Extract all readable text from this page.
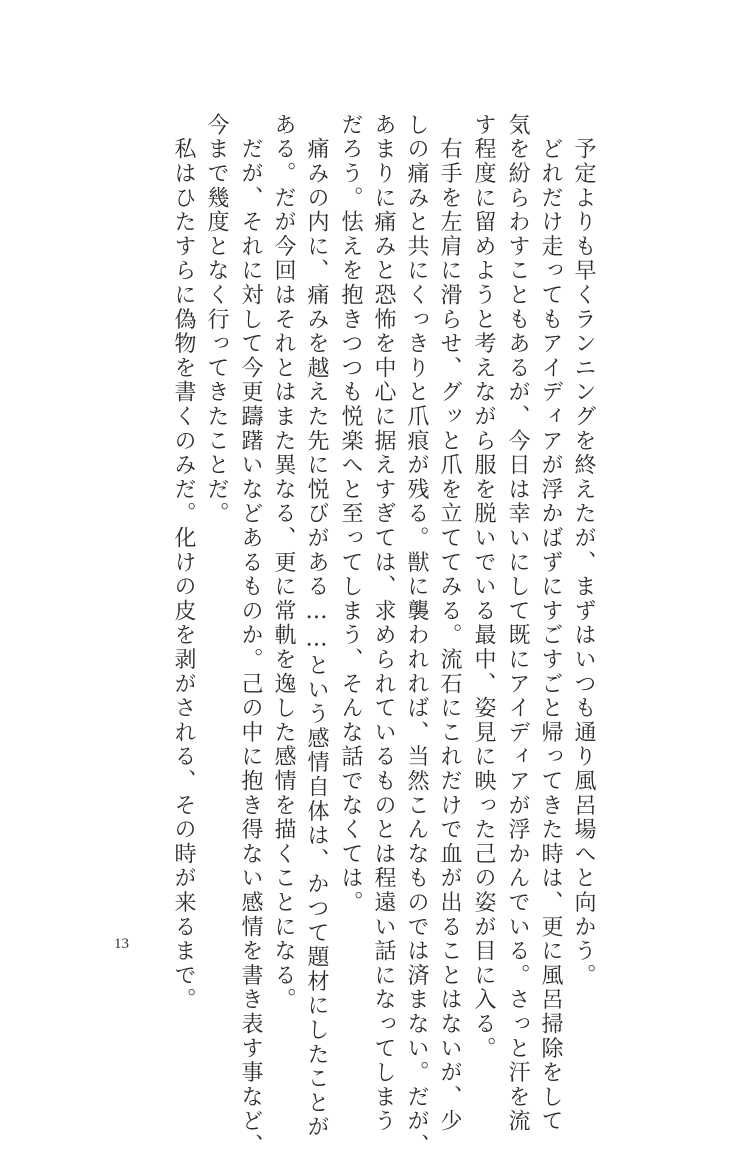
　予定よりも早くランニングを終えたが、まずはいつも通り風呂場へと向かう。
　どれだけ走ってもアイディアが浮かばずにすごすごと帰ってきた時は、更に風呂掃除をして
気を紛らわすこともあるが、今日は幸いにして既にアイディアが浮かんでいる。さっと汗を流
す程度に留めようと考えながら服を脱いでいる最中、姿見に映った己の姿が目に入る。
　右手を左肩に滑らせ、グッと爪を立ててみる。流石にこれだけで血が出ることはないが、少
しの痛みと共にくっきりと爪痕が残る。獣に襲われれば、当然こんなものでは済まない。だが、
あまりに痛みと恐怖を中心に据えすぎては、求められているものとは程遠い話になってしまう
だろう。怯えを抱きつつも悦楽へと至ってしまう、そんな話でなくては。
　痛みの内に、痛みを越えた先に悦びがある……という感情自体は、かつて題材にしたことが
ある。だが今回はそれとはまた異なる、更に常軌を逸した感情を描くことになる。
　だが、それに対して今更躊躇いなどあるものか。己の中に抱き得ない感情を書き表す事など、
今まで幾度となく行ってきたことだ。
　私はひたすらに偽物を書くのみだ。化けの皮を剥がされる、その時が来るまで。
13
